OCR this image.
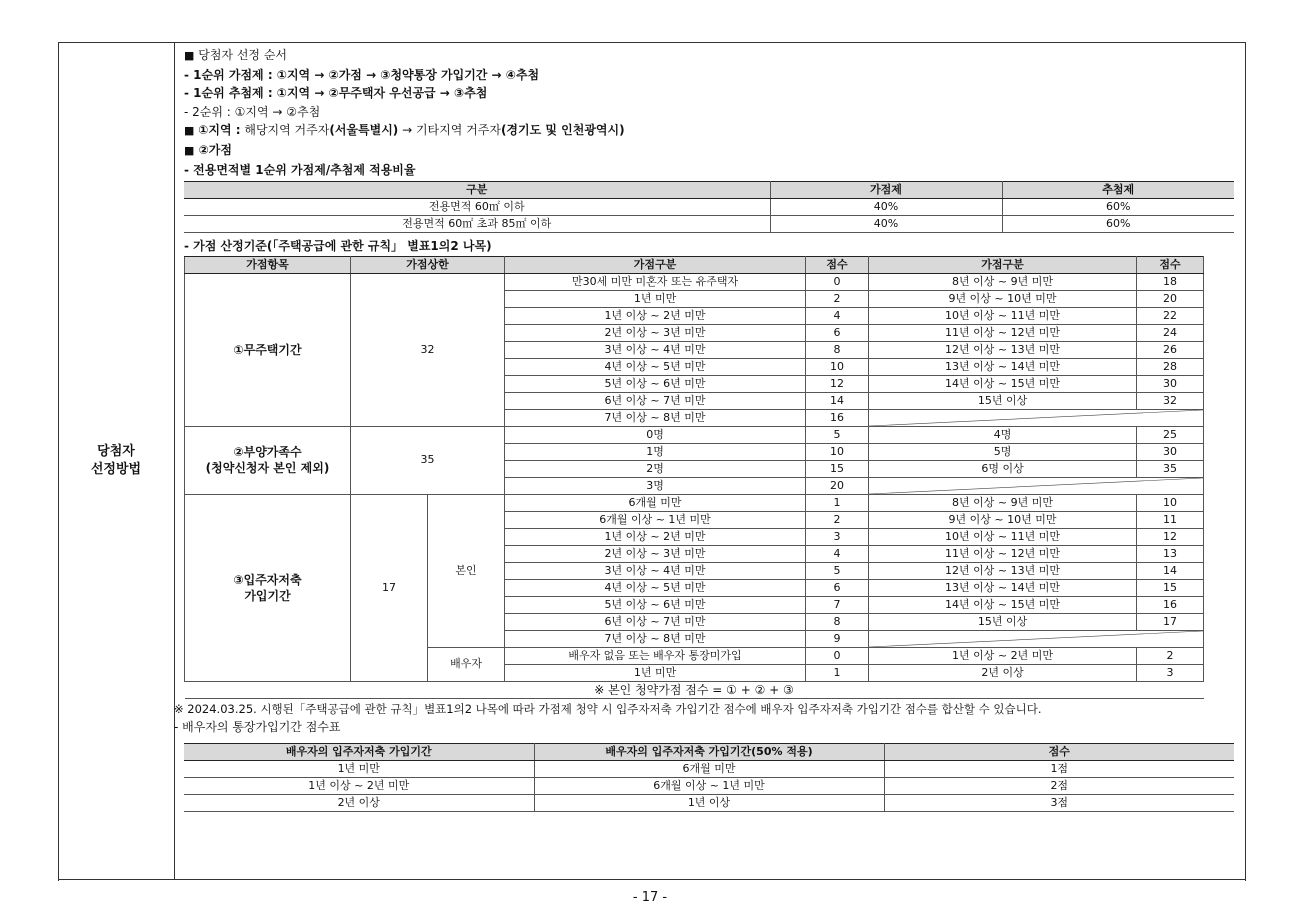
당첨자
선정방법
■ 당첨자 선정 순서
- 1순위 가점제 : ①지역 → ②가점 → ③청약통장 가입기간 → ④추첨
- 1순위 추첨제 : ①지역 → ②무주택자 우선공급 → ③추첨
- 2순위 : ①지역 → ②추첨
■ ①지역 : 해당지역 거주자(서울특별시) → 기타지역 거주자(경기도 및 인천광역시)
■ ②가점
- 전용면적별 1순위 가점제/추첨제 적용비율
구분	가점제	추첨제
전용면적 60㎡ 이하	40%	60%
전용면적 60㎡ 초과 85㎡ 이하	40%	60%
- 가점 산정기준(「주택공급에 관한 규칙」 별표1의2 나목)
가점항목	가점상한		가점구분	점수	가점구분	점수
①무주택기간	32		만30세 미만 미혼자 또는 유주택자	0	8년 이상 ~ 9년 미만	18
			1년 미만	2	9년 이상 ~ 10년 미만	20
			1년 이상 ~ 2년 미만	4	10년 이상 ~ 11년 미만	22
			2년 이상 ~ 3년 미만	6	11년 이상 ~ 12년 미만	24
			3년 이상 ~ 4년 미만	8	12년 이상 ~ 13년 미만	26
			4년 이상 ~ 5년 미만	10	13년 이상 ~ 14년 미만	28
			5년 이상 ~ 6년 미만	12	14년 이상 ~ 15년 미만	30
			6년 이상 ~ 7년 미만	14	15년 이상	32
			7년 이상 ~ 8년 미만	16	

②부양가족수
(청약신청자 본인 제외)	35		0명	5	4명	25
			1명	10	5명	30
			2명	15	6명 이상	35
			3명	20	

③입주자저축
가입기간	17	본인	6개월 미만	1	8년 이상 ~ 9년 미만	10
			6개월 이상 ~ 1년 미만	2	9년 이상 ~ 10년 미만	11
			1년 이상 ~ 2년 미만	3	10년 이상 ~ 11년 미만	12
			2년 이상 ~ 3년 미만	4	11년 이상 ~ 12년 미만	13
			3년 이상 ~ 4년 미만	5	12년 이상 ~ 13년 미만	14
			4년 이상 ~ 5년 미만	6	13년 이상 ~ 14년 미만	15
			5년 이상 ~ 6년 미만	7	14년 이상 ~ 15년 미만	16
			6년 이상 ~ 7년 미만	8	15년 이상	17
			7년 이상 ~ 8년 미만	9	

		배우자	배우자 없음 또는 배우자 통장미가입	0	1년 이상 ~ 2년 미만	2
			1년 미만	1	2년 이상	3
※ 본인 청약가점 점수 = ① + ② + ③						
※ 2024.03.25. 시행된「주택공급에 관한 규칙」별표1의2 나목에 따라 가점제 청약 시 입주자저축 가입기간 점수에 배우자 입주자저축 가입기간 점수를 합산할 수 있습니다.
- 배우자의 통장가입기간 점수표
배우자의 입주자저축 가입기간	배우자의 입주자저축 가입기간(50% 적용)	점수
1년 미만	6개월 미만	1점
1년 이상 ~ 2년 미만	6개월 이상 ~ 1년 미만	2점
2년 이상	1년 이상	3점
- 17 -
